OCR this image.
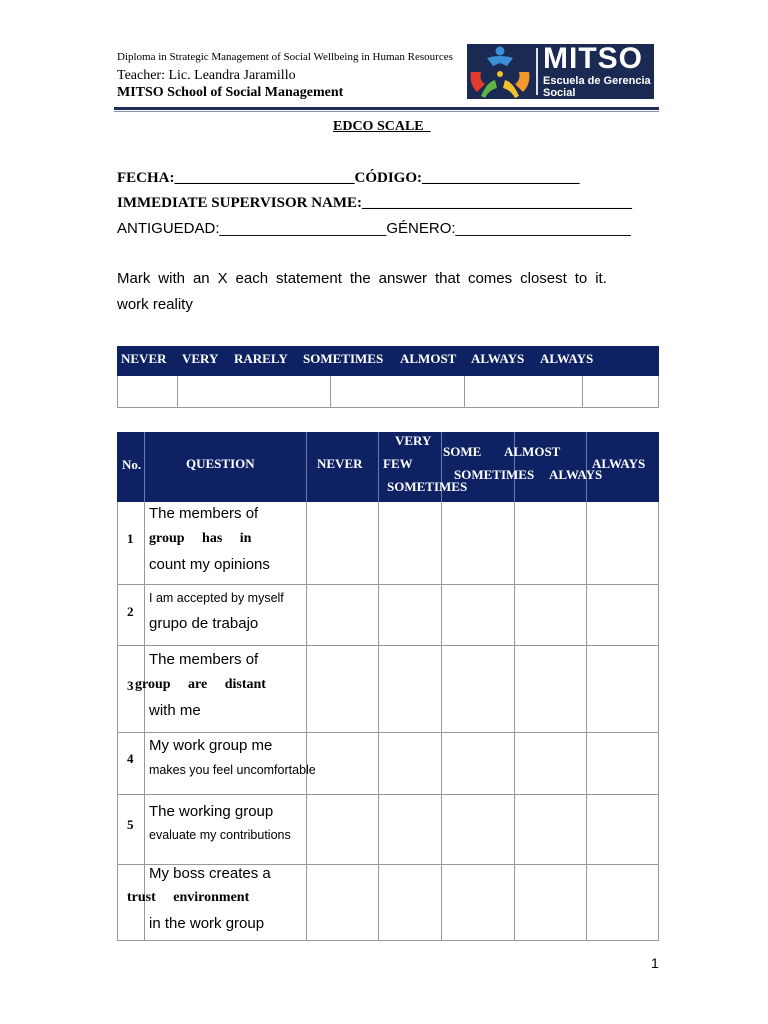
Diploma in Strategic Management of Social Wellbeing in Human Resources
Teacher: Lic. Leandra Jaramillo
MITSO School of Social Management
MITSO
Escuela de Gerencia
Social
EDCO SCALE
FECHA:________________________CÓDIGO:_____________________
IMMEDIATE SUPERVISOR NAME:____________________________________
ANTIGUEDAD:____________________GÉNERO:_____________________
Mark with an X each statement the answer that comes closest to it.
work reality
NEVER VERY RARELY SOMETIMES ALMOST ALWAYS ALWAYS
No.	QUESTION	NEVER
VERY
FEW
SOMETIMES
SOME
SOMETIMES
ALMOST
ALWAYS
ALWAYS
1
The members of
group has in
count my opinions
2
I am accepted by myself
grupo de trabajo
3
The members of
group are distant
with me
4
My work group me
makes you feel uncomfortable
5
The working group
evaluate my contributions
My boss creates a
trust environment
in the work group
1
